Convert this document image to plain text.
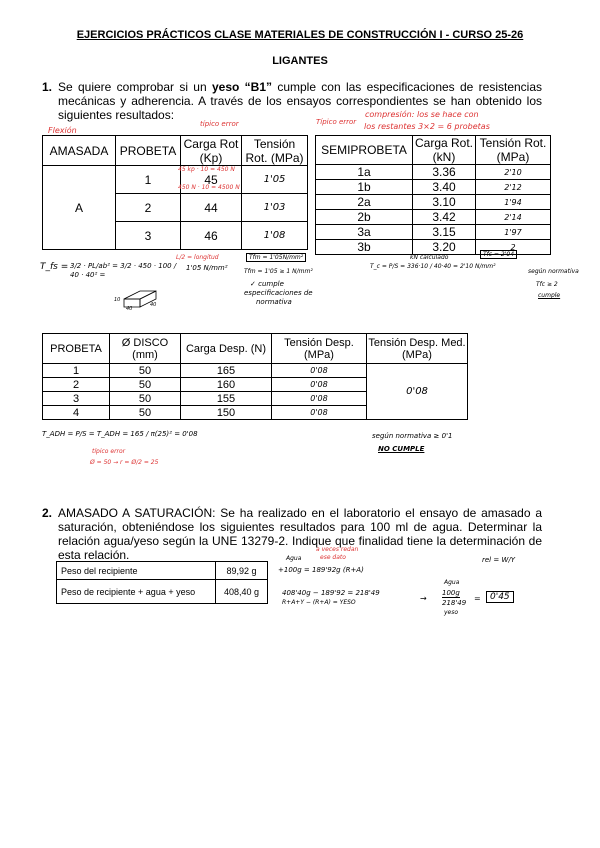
EJERCICIOS PRÁCTICOS CLASE MATERIALES DE CONSTRUCCIÓN I - CURSO 25-26
LIGANTES
1. Se quiere comprobar si un yeso “B1” cumple con las especificaciones de resistencias mecánicas y adherencia. A través de los ensayos correspondientes se han obtenido los siguientes resultados:
Flexión
típico error
compresión: los se hace con
Típico error los restantes 3×2 = 6 probetas
AMASADA	PROBETA	Carga Rot (Kp)	Tensión Rot. (MPa)
A	1	45	1'05
	2	44	1'03
	3	46	1'08
45 kp · 10 = 450 N
450 N · 10 = 4500 N
SEMIPROBETA	Carga Rot. (kN)	Tensión Rot. (MPa)
1a	3.36	2'10
1b	3.40	2'12
2a	3.10	1'94
2b	3.42	2'14
3a	3.15	1'97
3b	3.20	2
T_fs = 3/2 · PL/ab² = 3/2 · 450 · 100 / 40 · 40² =
1'05 N/mm²
L/2 = longitud	Tfm = 1'05N/mm²
Tfm = 1'05 ≥ 1 N/mm²
✓ cumple
especificaciones de
normativa
10
40
40
T_c = P/S = 336·10 / 40·40 = 2'10 N/mm²
Tfc = 2'04
kN calculado
según normativa
Tfc ≥ 2
cumple
PROBETA	Ø DISCO (mm)	Carga Desp. (N)	Tensión Desp. (MPa)	Tensión Desp. Med. (MPa)
1	50	165	0'08	0'08
2	50	160	0'08	
3	50	155	0'08	
4	50	150	0'08	
T_ADH = P/S = T_ADH = 165 / π(25)² = 0'08
típico error
Ø = 50 → r = Ø/2 = 25
según normativa ≥ 0'1
NO CUMPLE
2. AMASADO A SATURACIÓN: Se ha realizado en el laboratorio el ensayo de amasado a saturación, obteniéndose los siguientes resultados para 100 ml de agua. Determinar la relación agua/yeso según la UNE 13279-2. Indique que finalidad tiene la determinación de esta relación.
Peso del recipiente	89,92 g
Peso de recipiente + agua + yeso	408,40 g
a veces redan
ese dato
Agua
+100g = 189'92g (R+A)
rel = W/Y
408'40g − 189'92 = 218'49
R+A+Y − (R+A) = YESO	→
Agua
100g
218'49
yeso
=	0'45
